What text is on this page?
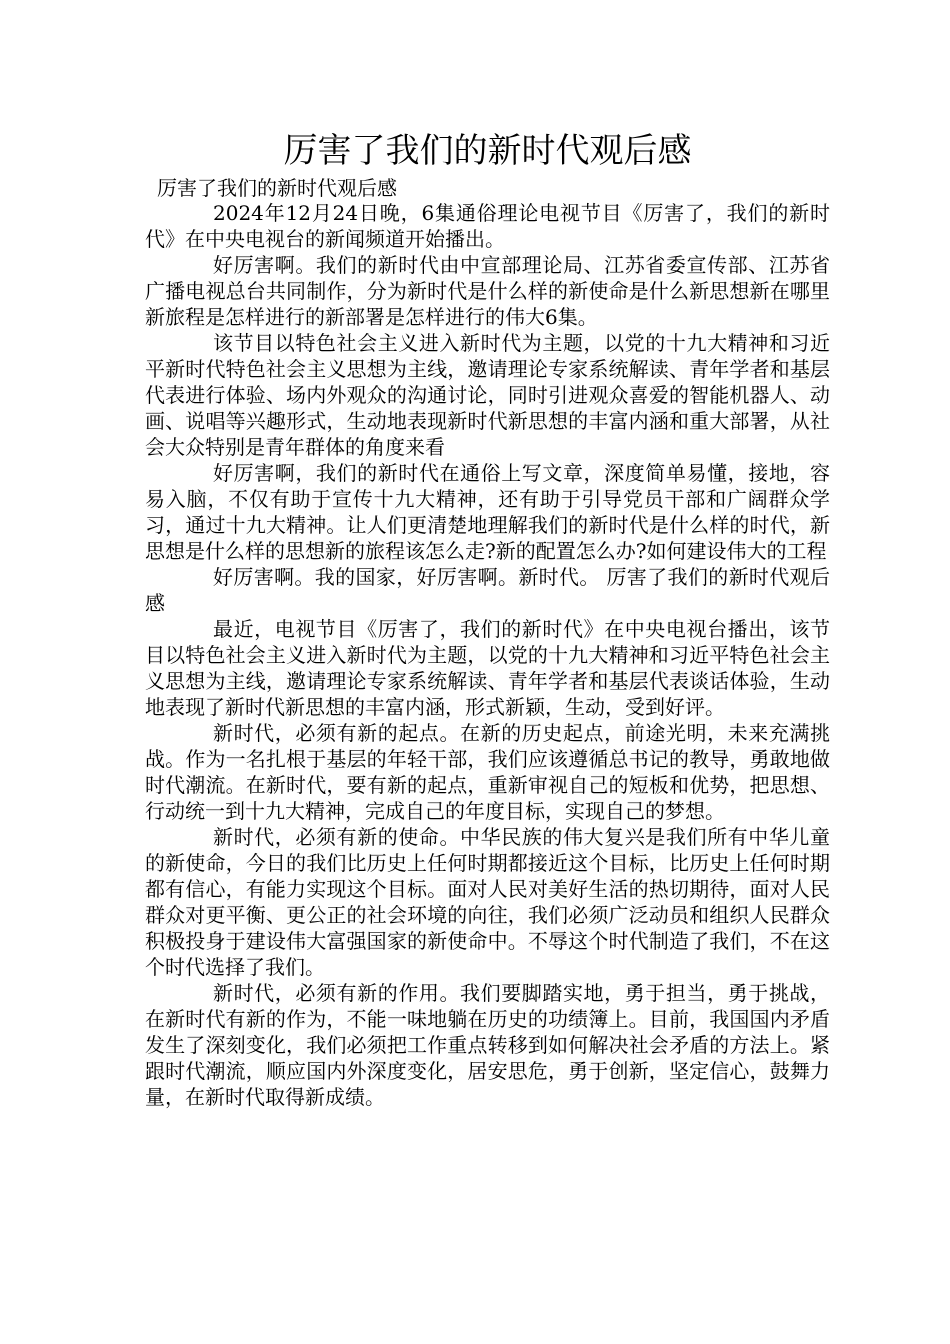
厉害了我们的新时代观后感

厉害了我们的新时代观后感

2024年12月24日晚，6集通俗理论电视节目《厉害了，我们的新时代》在中央电视台的新闻频道开始播出。

好厉害啊。我们的新时代由中宣部理论局、江苏省委宣传部、江苏省广播电视总台共同制作，分为新时代是什么样的新使命是什么新思想新在哪里新旅程是怎样进行的新部署是怎样进行的伟大6集。

该节目以特色社会主义进入新时代为主题，以党的十九大精神和习近平新时代特色社会主义思想为主线，邀请理论专家系统解读、青年学者和基层代表进行体验、场内外观众的沟通讨论，同时引进观众喜爱的智能机器人、动画、说唱等兴趣形式，生动地表现新时代新思想的丰富内涵和重大部署，从社会大众特别是青年群体的角度来看

好厉害啊，我们的新时代在通俗上写文章，深度简单易懂，接地，容易入脑，不仅有助于宣传十九大精神，还有助于引导党员干部和广阔群众学习，通过十九大精神。让人们更清楚地理解我们的新时代是什么样的时代，新思想是什么样的思想新的旅程该怎么走?新的配置怎么办?如何建设伟大的工程

好厉害啊。我的国家，好厉害啊。新时代。 厉害了我们的新时代观后感

最近，电视节目《厉害了，我们的新时代》在中央电视台播出，该节目以特色社会主义进入新时代为主题，以党的十九大精神和习近平特色社会主义思想为主线，邀请理论专家系统解读、青年学者和基层代表谈话体验，生动地表现了新时代新思想的丰富内涵，形式新颖，生动，受到好评。

新时代，必须有新的起点。在新的历史起点，前途光明，未来充满挑战。作为一名扎根于基层的年轻干部，我们应该遵循总书记的教导，勇敢地做时代潮流。在新时代，要有新的起点，重新审视自己的短板和优势，把思想、行动统一到十九大精神，完成自己的年度目标，实现自己的梦想。

新时代，必须有新的使命。中华民族的伟大复兴是我们所有中华儿童的新使命，今日的我们比历史上任何时期都接近这个目标，比历史上任何时期都有信心，有能力实现这个目标。面对人民对美好生活的热切期待，面对人民群众对更平衡、更公正的社会环境的向往，我们必须广泛动员和组织人民群众积极投身于建设伟大富强国家的新使命中。不辱这个时代制造了我们，不在这个时代选择了我们。

新时代，必须有新的作用。我们要脚踏实地，勇于担当，勇于挑战，在新时代有新的作为，不能一味地躺在历史的功绩簿上。目前，我国国内矛盾发生了深刻变化，我们必须把工作重点转移到如何解决社会矛盾的方法上。紧跟时代潮流，顺应国内外深度变化，居安思危，勇于创新，坚定信心，鼓舞力量，在新时代取得新成绩。
